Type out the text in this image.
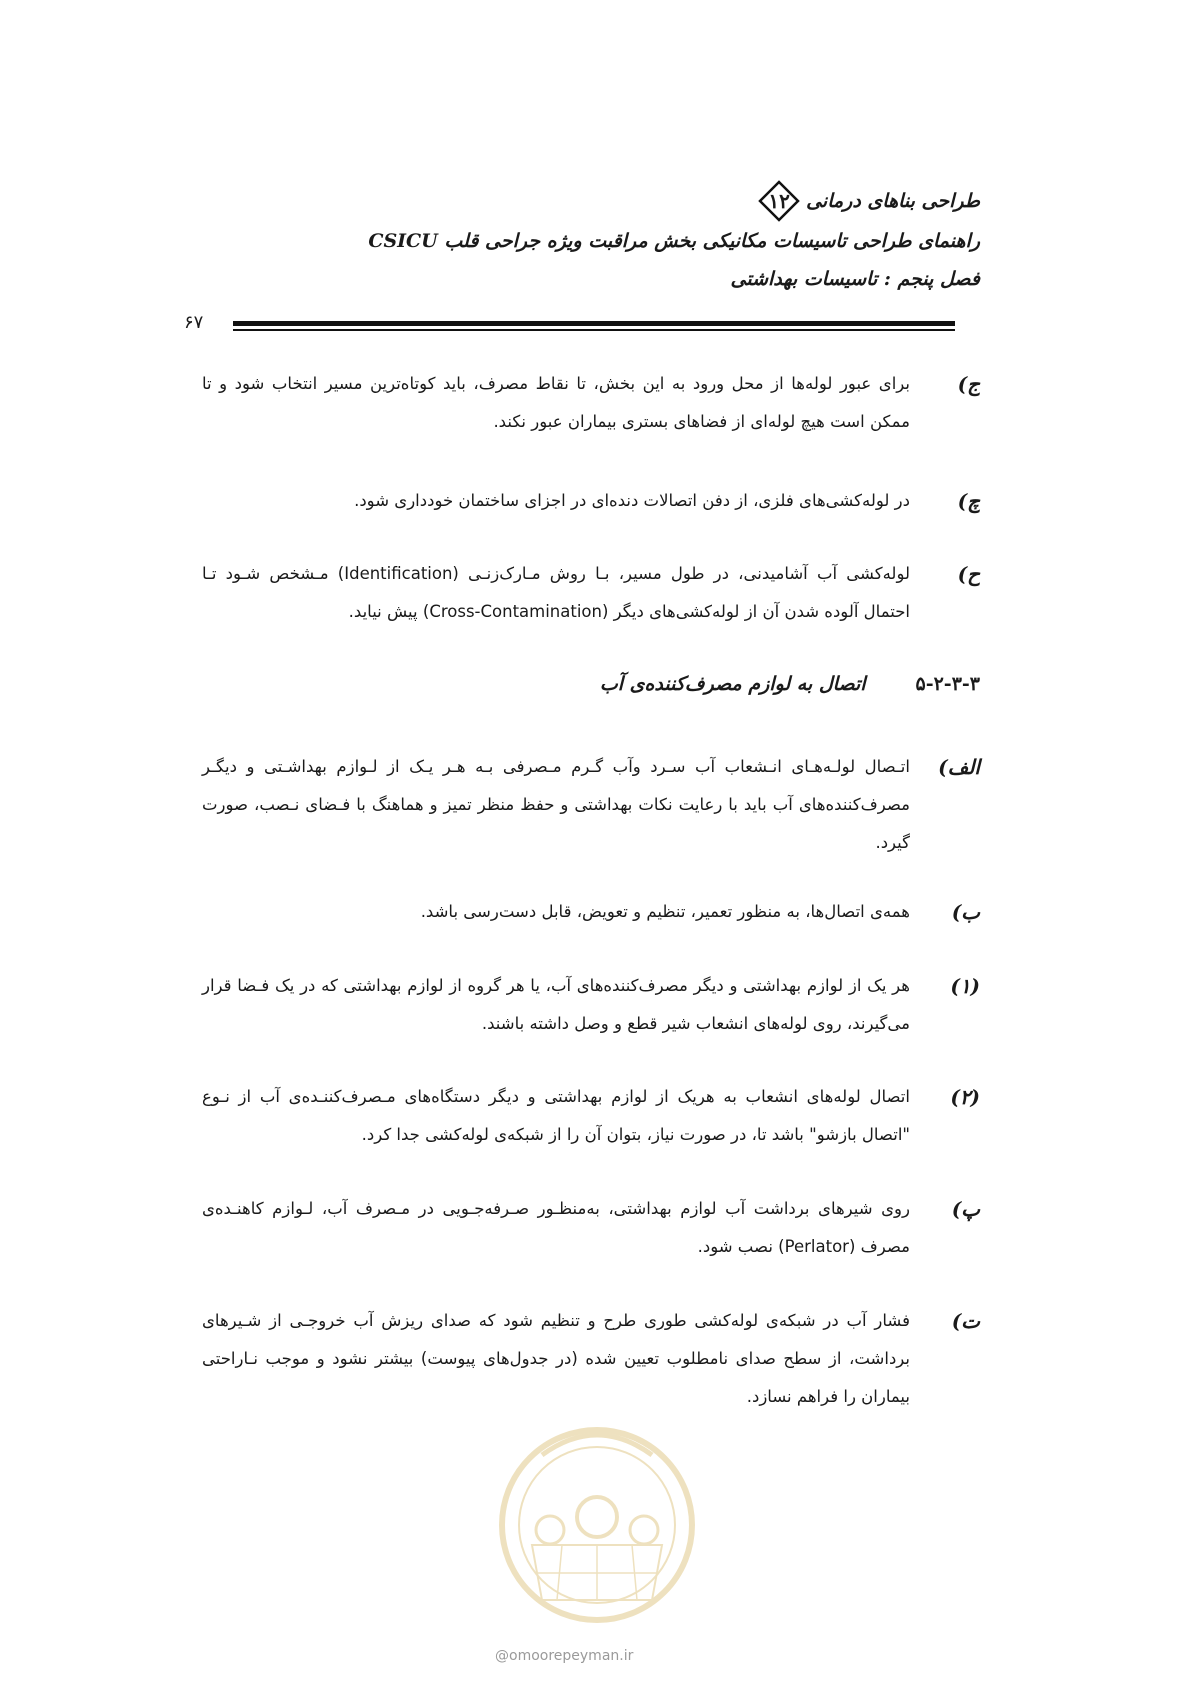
طراحی بناهای درمانی
۱۲
راهنمای طراحی تاسیسات مکانیکی بخش مراقبت ویژه جراحی قلب CSICU
فصل پنجم : تاسیسات بهداشتی
۶۷
ج)
برای عبور لوله‌ها از محل ورود به این بخش، تا نقاط مصرف، باید کوتاه‌ترین مسیر انتخاب شود و تا ممکن است هیچ لوله‌ای از فضاهای بستری بیماران عبور نکند.
چ)
در لوله‌کشی‌های فلزی، از دفن اتصالات دنده‌ای در اجزای ساختمان خودداری شود.
ح)
لوله‌کشی آب آشامیدنی، در طول مسیر، بـا روش مـارک‌زنـی (Identification) مـشخص شـود تـا احتمال آلوده شدن آن از لوله‌کشی‌های دیگر (Cross-Contamination) پیش نیاید.
۵-۲-۳-۳
اتصال به لوازم مصرف‌کننده‌ی آب
الف)
اتـصال لولـه‌هـای انـشعاب آب سـرد وآب گـرم مـصرفی بـه هـر یـک از لـوازم بهداشـتی و دیگـر مصرف‌کننده‌های آب باید با رعایت نکات بهداشتی و حفظ منظر تمیز و هماهنگ با فـضای نـصب، صورت گیرد.
ب)
همه‌ی اتصال‌ها، به منظور تعمیر، تنظیم و تعویض، قابل دست‌رسی باشد.
(۱)
هر یک از لوازم بهداشتی و دیگر مصرف‌کننده‌های آب، یا هر گروه از لوازم بهداشتی که در یک فـضا قرار می‌گیرند، روی لوله‌های انشعاب شیر قطع و وصل داشته باشند.
(۲)
اتصال لوله‌های انشعاب به هریک از لوازم بهداشتی و دیگر دستگاه‌های مـصرف‌کننـده‌ی آب از نـوع "اتصال بازشو" باشد تا، در صورت نیاز، بتوان آن را از شبکه‌ی لوله‌کشی جدا کرد.
پ)
روی شیرهای برداشت آب لوازم بهداشتی، به‌منظـور صـرفه‌جـویی در مـصرف آب، لـوازم کاهنـده‌ی مصرف (Perlator) نصب شود.
ت)
فشار آب در شبکه‌ی لوله‌کشی طوری طرح و تنظیم شود که صدای ریزش آب خروجـی از شـیرهای برداشت، از سطح صدای نامطلوب تعیین شده (در جدول‌های پیوست) بیشتر نشود و موجب نـاراحتی بیماران را فراهم نسازد.
@omoorepeyman.ir
